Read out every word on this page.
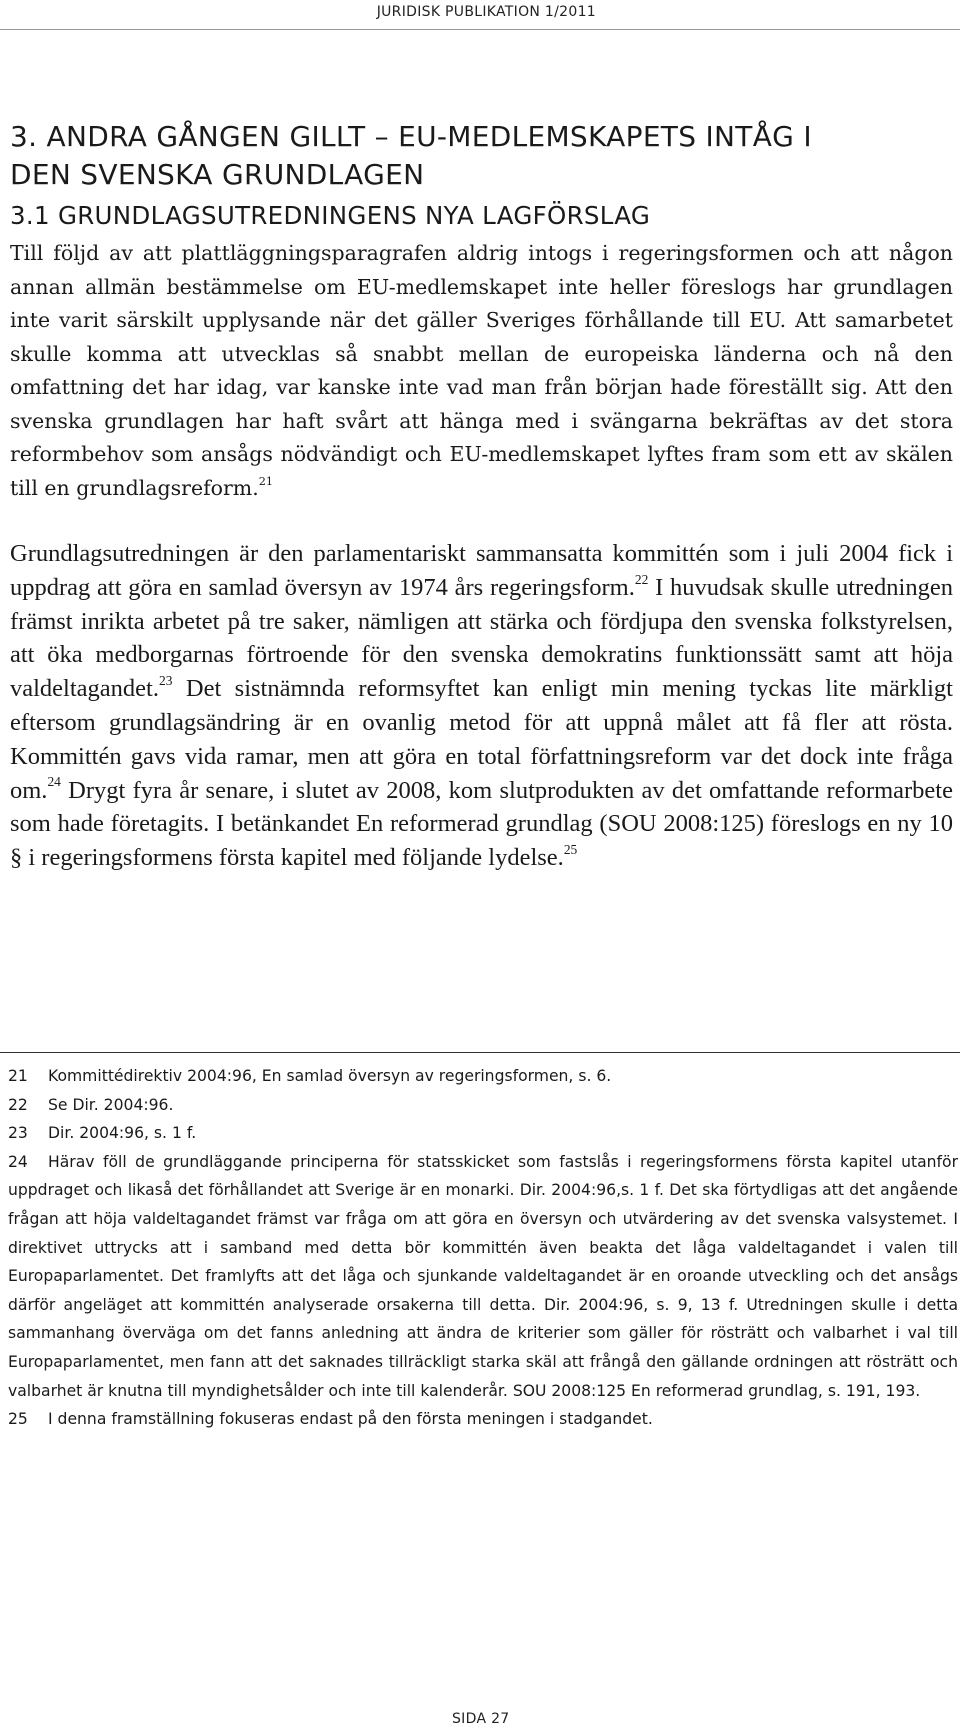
JURIDISK PUBLIKATION 1/2011
3. ANDRA GÅNGEN GILLT – EU-MEDLEMSKAPETS INTÅG I
DEN SVENSKA GRUNDLAGEN
3.1 GRUNDLAGSUTREDNINGENS NYA LAGFÖRSLAG

Till följd av att plattläggningsparagrafen aldrig intogs i regeringsformen och att någon annan allmän bestämmelse om EU-medlemskapet inte heller föreslogs har grundlagen inte varit särskilt upplysande när det gäller Sveriges förhållande till EU. Att samarbetet skulle komma att utvecklas så snabbt mellan de europeiska länderna och nå den omfattning det har idag, var kanske inte vad man från början hade föreställt sig. Att den svenska grundlagen har haft svårt att hänga med i svängarna bekräftas av det stora reformbehov som ansågs nödvändigt och EU-medlemskapet lyftes fram som ett av skälen till en grundlagsreform.$^{21}$

Grundlagsutredningen är den parlamentariskt sammansatta kommittén som i juli 2004 fick i uppdrag att göra en samlad översyn av 1974 års regeringsform.$^{22}$ I huvudsak skulle utredningen främst inrikta arbetet på tre saker, nämligen att stärka och fördjupa den svenska folkstyrelsen, att öka medborgarnas förtroende för den svenska demokratins funktionssätt samt att höja valdeltagandet.$^{23}$ Det sistnämnda reformsyftet kan enligt min mening tyckas lite märkligt eftersom grundlagsändring är en ovanlig metod för att uppnå målet att få fler att rösta. Kommittén gavs vida ramar, men att göra en total författningsreform var det dock inte fråga om.$^{24}$ Drygt fyra år senare, i slutet av 2008, kom slutprodukten av det omfattande reformarbete som hade företagits. I betänkandet En reformerad grundlag (SOU 2008:125) föreslogs en ny 10 § i regeringsformens första kapitel med följande lydelse.$^{25}$

21 Kommittédirektiv 2004:96, En samlad översyn av regeringsformen, s. 6.
22 Se Dir. 2004:96.
23 Dir. 2004:96, s. 1 f.
24 Härav föll de grundläggande principerna för statsskicket som fastslås i regeringsformens första kapitel utanför uppdraget och likaså det förhållandet att Sverige är en monarki. Dir. 2004:96,s. 1 f. Det ska förtydligas att det angående frågan att höja valdeltagandet främst var fråga om att göra en översyn och utvärdering av det svenska valsystemet. I direktivet uttrycks att i samband med detta bör kommittén även beakta det låga valdeltagandet i valen till Europaparlamentet. Det framlyfts att det låga och sjunkande valdeltagandet är en oroande utveckling och det ansågs därför angeläget att kommittén analyserade orsakerna till detta. Dir. 2004:96, s. 9, 13 f. Utredningen skulle i detta sammanhang överväga om det fanns anledning att ändra de kriterier som gäller för rösträtt och valbarhet i val till Europaparlamentet, men fann att det saknades tillräckligt starka skäl att frångå den gällande ordningen att rösträtt och valbarhet är knutna till myndighetsålder och inte till kalenderår. SOU 2008:125 En reformerad grundlag, s. 191, 193.
25 I denna framställning fokuseras endast på den första meningen i stadgandet.
SIDA 27
